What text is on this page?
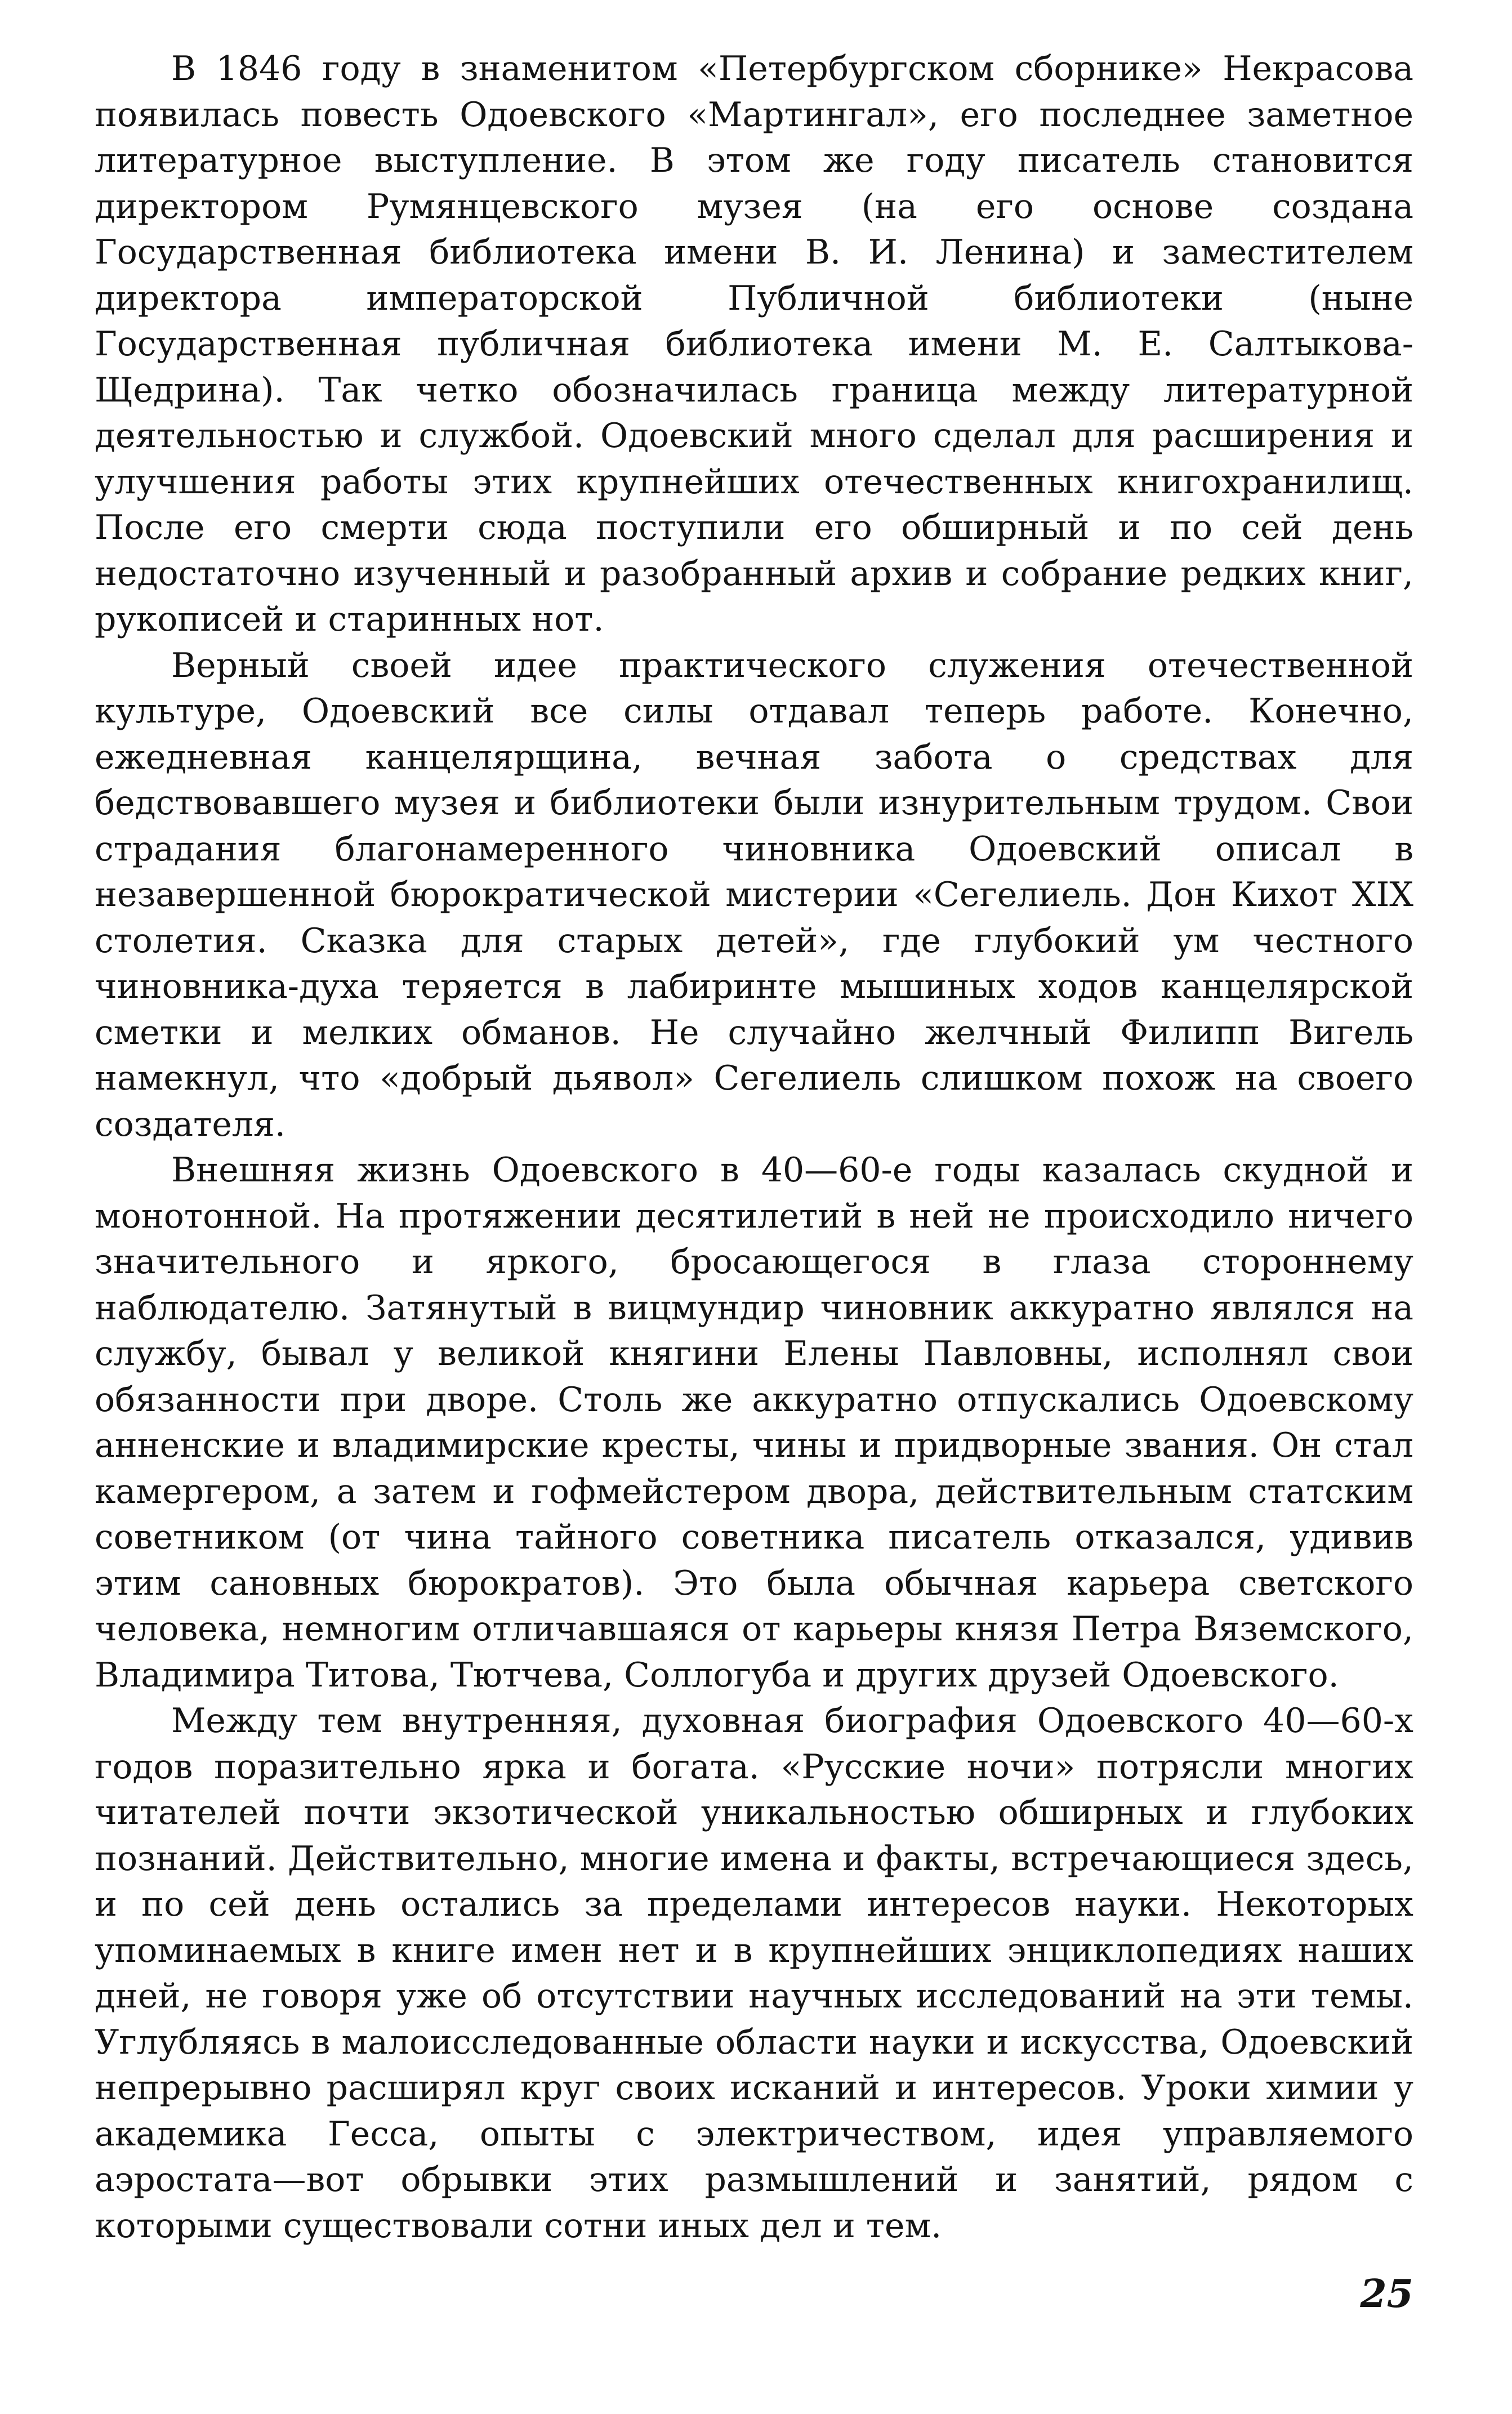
В 1846 году в знаменитом «Петербургском сборнике» Некрасова появилась повесть Одоевского «Мартингал», его последнее заметное литературное выступление. В этом же году писатель становится директором Румянцевского музея (на его основе создана Государственная библиотека имени В. И. Ленина) и заместителем директора императорской Публичной библиотеки (ныне Государственная публичная библиотека имени М. Е. Салтыкова-Щедрина). Так четко обозначилась граница между литературной деятельностью и службой. Одоевский много сделал для расширения и улучшения работы этих крупнейших отечественных книгохранилищ. После его смерти сюда поступили его обширный и по сей день недостаточно изученный и разобранный архив и собрание редких книг, рукописей и старинных нот.

Верный своей идее практического служения отечественной культуре, Одоевский все силы отдавал теперь работе. Конечно, ежедневная канцелярщина, вечная забота о средствах для бедствовавшего музея и библиотеки были изнурительным трудом. Свои страдания благонамеренного чиновника Одоевский описал в незавершенной бюрократической мистерии «Сегелиель. Дон Кихот XIX столетия. Сказка для старых детей», где глубокий ум честного чиновника-духа теряется в лабиринте мышиных ходов канцелярской сметки и мелких обманов. Не случайно желчный Филипп Вигель намекнул, что «добрый дьявол» Сегелиель слишком похож на своего создателя.

Внешняя жизнь Одоевского в 40—60-е годы казалась скудной и монотонной. На протяжении десятилетий в ней не происходило ничего значительного и яркого, бросающегося в глаза стороннему наблюдателю. Затянутый в вицмундир чиновник аккуратно являлся на службу, бывал у великой княгини Елены Павловны, исполнял свои обязанности при дворе. Столь же аккуратно отпускались Одоевскому анненские и владимирские кресты, чины и придворные звания. Он стал камергером, а затем и гофмейстером двора, действительным статским советником (от чина тайного советника писатель отказался, удивив этим сановных бюрократов). Это была обычная карьера светского человека, немногим отличавшаяся от карьеры князя Петра Вяземского, Владимира Титова, Тютчева, Соллогуба и других друзей Одоевского.

Между тем внутренняя, духовная биография Одоевского 40—60-х годов поразительно ярка и богата. «Русские ночи» потрясли многих читателей почти экзотической уникальностью обширных и глубоких познаний. Действительно, многие имена и факты, встречающиеся здесь, и по сей день остались за пределами интересов науки. Некоторых упоминаемых в книге имен нет и в крупнейших энциклопедиях наших дней, не говоря уже об отсутствии научных исследований на эти темы. Углубляясь в малоисследованные области науки и искусства, Одоевский непрерывно расширял круг своих исканий и интересов. Уроки химии у академика Гесса, опыты с электричеством, идея управляемого аэростата—вот обрывки этих размышлений и занятий, рядом с которыми существовали сотни иных дел и тем.

25
